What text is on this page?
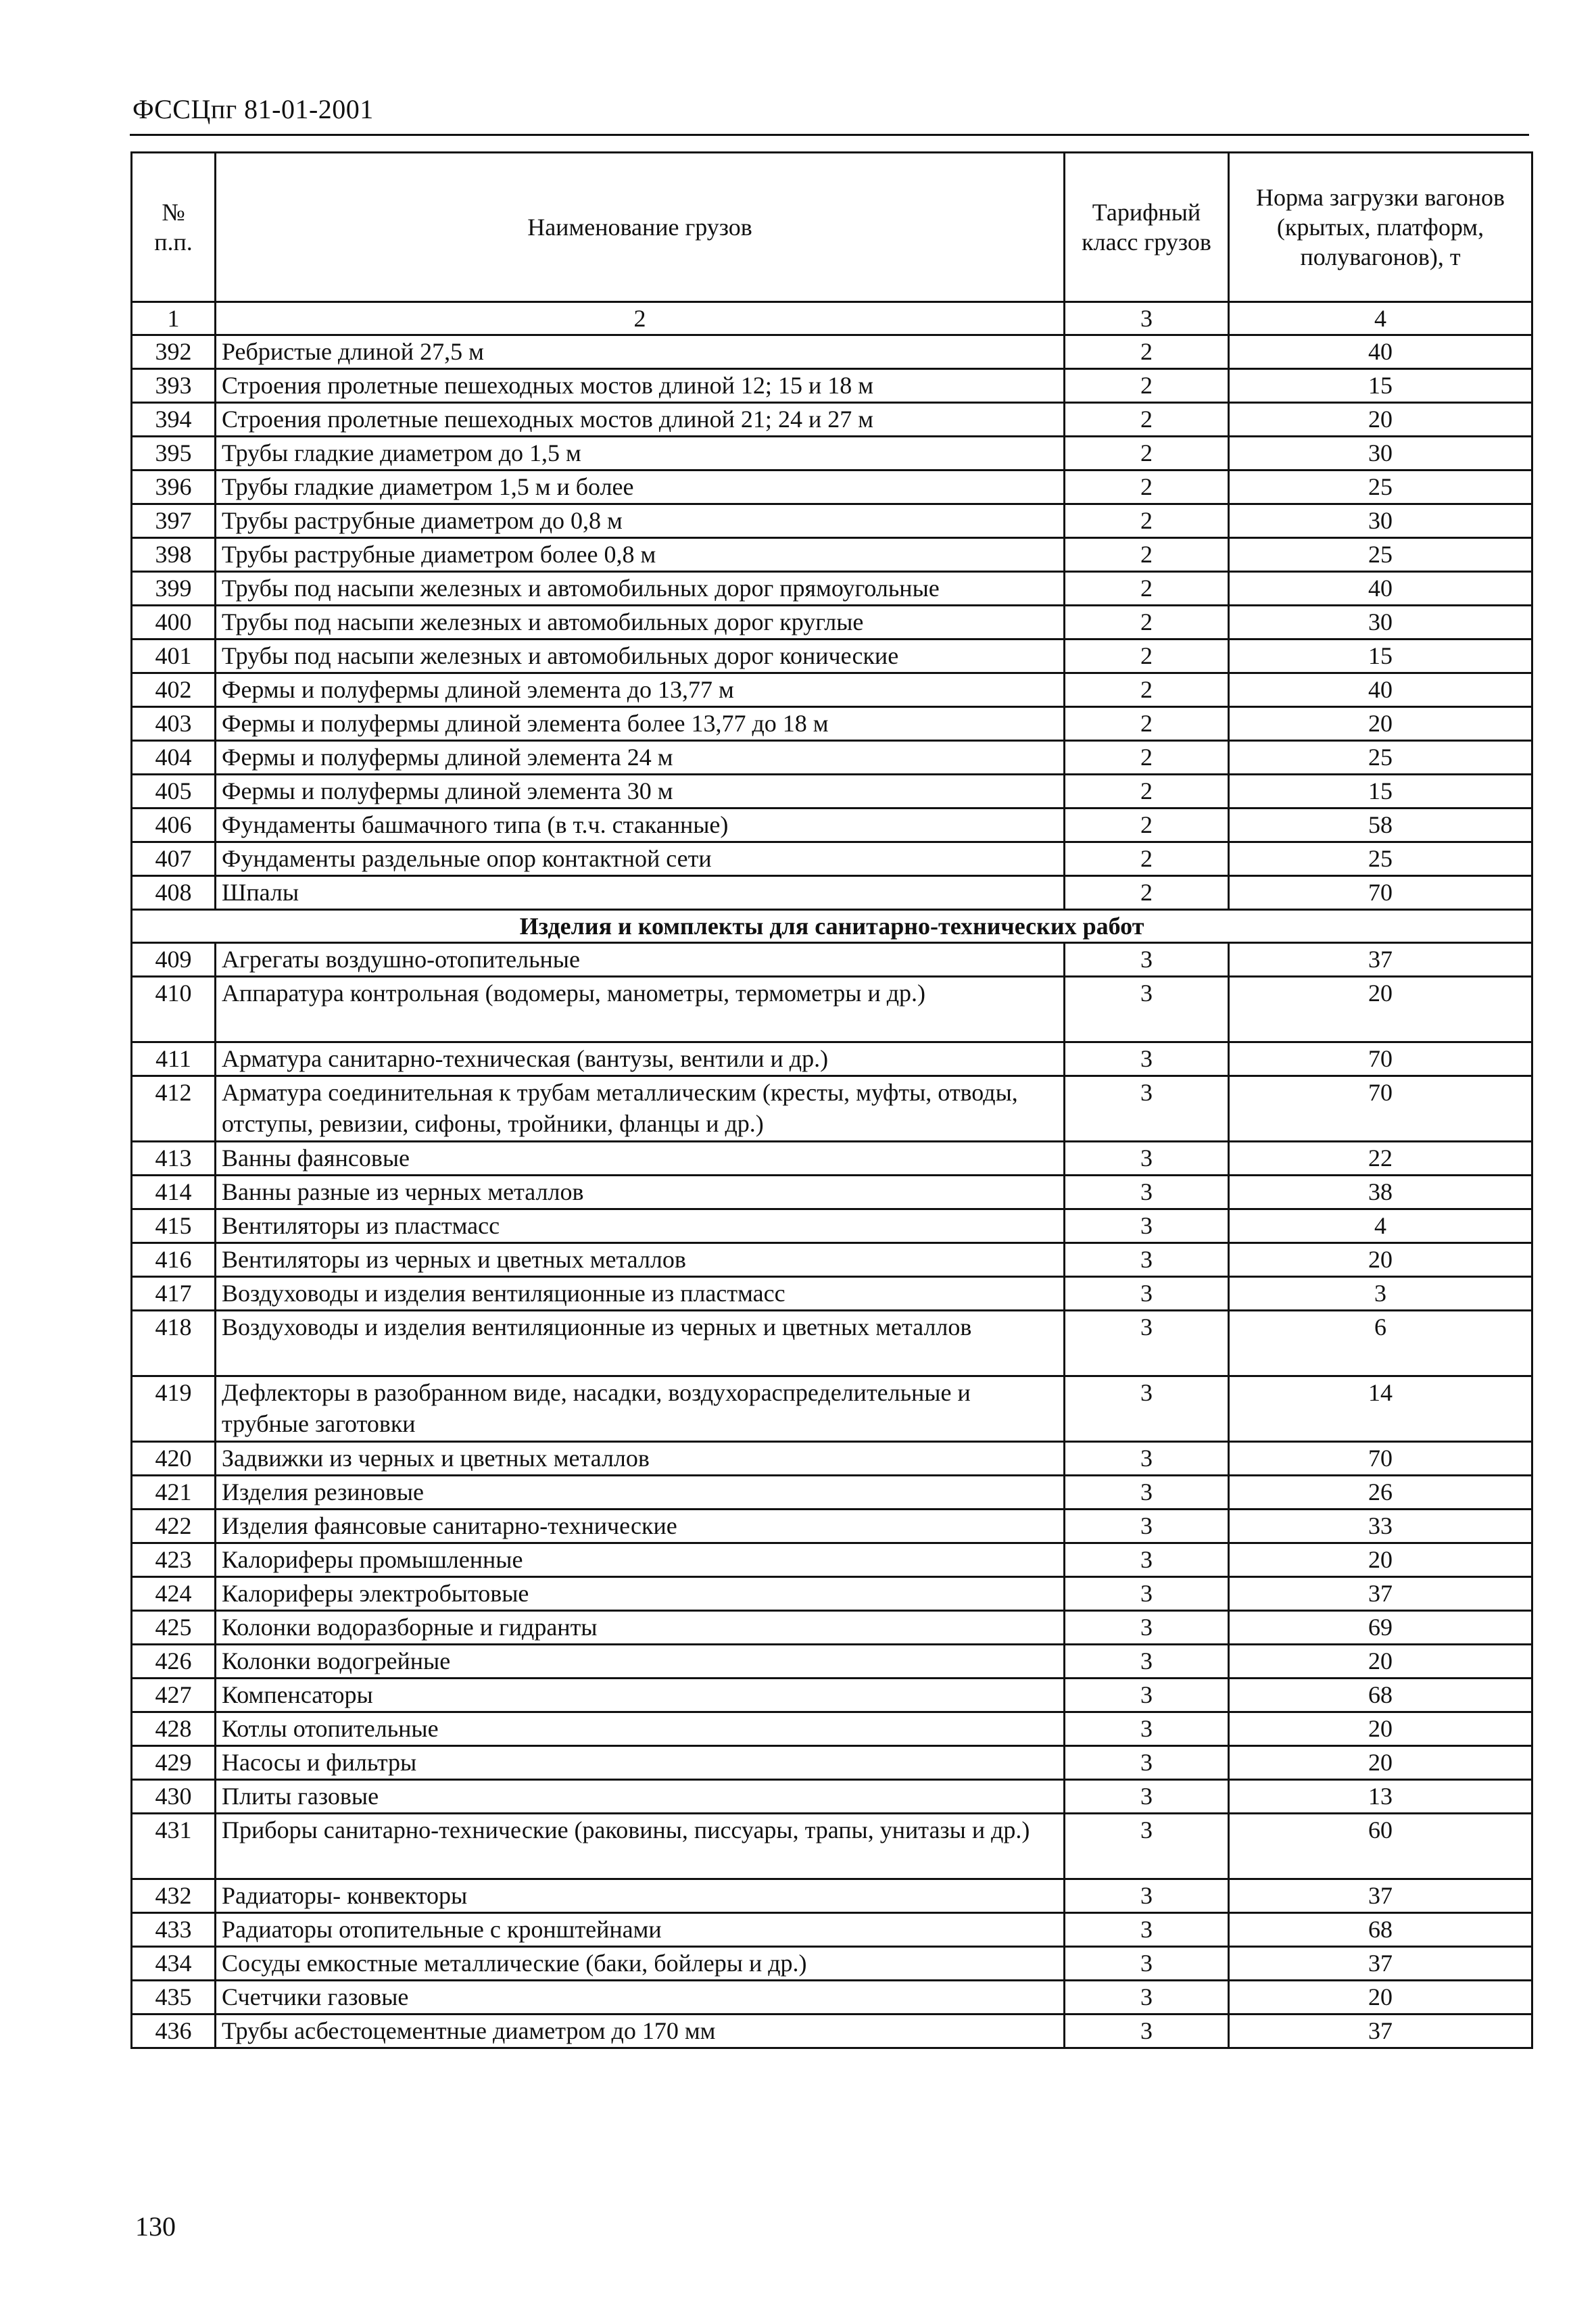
ФССЦпг 81-01-2001
№
п.п.	Наименование грузов	Тарифный класс грузов	Норма загрузки вагонов (крытых, платформ, полувагонов), т
1	2	3	4
392	Ребристые длиной 27,5 м	2	40
393	Строения пролетные пешеходных мостов длиной 12; 15 и 18 м	2	15
394	Строения пролетные пешеходных мостов длиной 21; 24 и 27 м	2	20
395	Трубы гладкие диаметром до 1,5 м	2	30
396	Трубы гладкие диаметром 1,5 м и более	2	25
397	Трубы раструбные диаметром до 0,8 м	2	30
398	Трубы раструбные диаметром более 0,8 м	2	25
399	Трубы под насыпи железных и автомобильных дорог прямоугольные	2	40
400	Трубы под насыпи железных и автомобильных дорог круглые	2	30
401	Трубы под насыпи железных и автомобильных дорог конические	2	15
402	Фермы и полуфермы длиной элемента до 13,77 м	2	40
403	Фермы и полуфермы длиной элемента более 13,77 до 18 м	2	20
404	Фермы и полуфермы длиной элемента 24 м	2	25
405	Фермы и полуфермы длиной элемента 30 м	2	15
406	Фундаменты башмачного типа (в т.ч. стаканные)	2	58
407	Фундаменты раздельные опор контактной сети	2	25
408	Шпалы	2	70
Изделия и комплекты для санитарно-технических работ			
409	Агрегаты воздушно-отопительные	3	37
410	Аппаратура контрольная (водомеры, манометры, термометры и др.)	3	20
411	Арматура санитарно-техническая (вантузы, вентили и др.)	3	70
412	Арматура соединительная к трубам металлическим (кресты, муфты, отводы, отступы, ревизии, сифоны, тройники, фланцы и др.)	3	70
413	Ванны фаянсовые	3	22
414	Ванны разные из черных металлов	3	38
415	Вентиляторы из пластмасс	3	4
416	Вентиляторы из черных и цветных металлов	3	20
417	Воздуховоды и изделия вентиляционные из пластмасс	3	3
418	Воздуховоды и изделия вентиляционные из черных и цветных металлов	3	6
419	Дефлекторы в разобранном виде, насадки, воздухораспределительные и трубные заготовки	3	14
420	Задвижки из черных и цветных металлов	3	70
421	Изделия резиновые	3	26
422	Изделия фаянсовые санитарно-технические	3	33
423	Калориферы промышленные	3	20
424	Калориферы электробытовые	3	37
425	Колонки водоразборные и гидранты	3	69
426	Колонки водогрейные	3	20
427	Компенсаторы	3	68
428	Котлы отопительные	3	20
429	Насосы и фильтры	3	20
430	Плиты газовые	3	13
431	Приборы санитарно-технические (раковины, писсуары, трапы, унитазы и др.)	3	60
432	Радиаторы- конвекторы	3	37
433	Радиаторы отопительные с кронштейнами	3	68
434	Сосуды емкостные металлические (баки, бойлеры и др.)	3	37
435	Счетчики газовые	3	20
436	Трубы асбестоцементные диаметром до 170 мм	3	37
130
